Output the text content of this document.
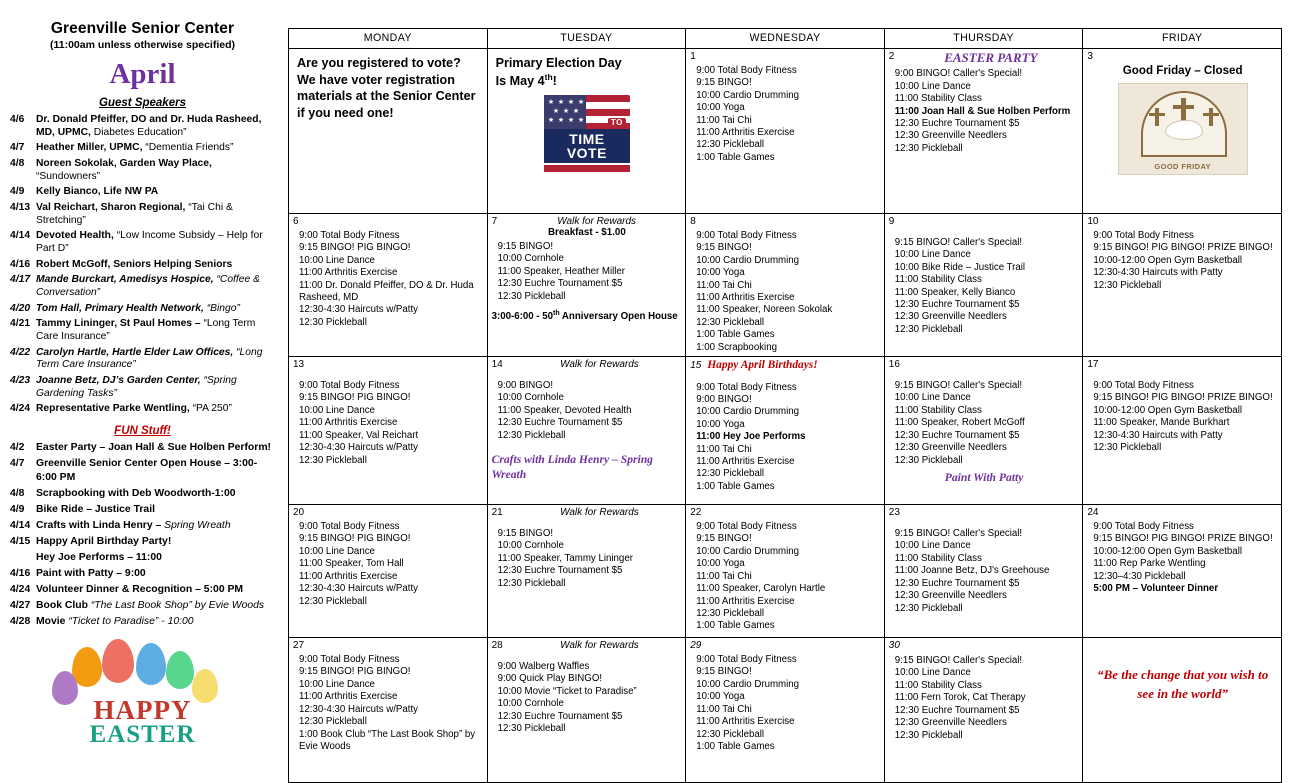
Greenville Senior Center
(11:00am unless otherwise specified)
April
Guest Speakers
4/6	Dr. Donald Pfeiffer, DO and Dr. Huda Rasheed, MD, UPMC, Diabetes Education”
4/7	Heather Miller, UPMC, “Dementia Friends”
4/8	Noreen Sokolak, Garden Way Place, “Sundowners”
4/9	Kelly Bianco, Life NW PA
4/13 Val Reichart, Sharon Regional, “Tai Chi & Stretching”
4/14 Devoted Health, “Low Income Subsidy – Help for Part D”
4/16 Robert McGoff, Seniors Helping Seniors
4/17 Mande Burckart, Amedisys Hospice, “Coffee & Conversation”
4/20 Tom Hall, Primary Health Network, “Bingo”
4/21 Tammy Lininger, St Paul Homes – “Long Term Care Insurance”
4/22 Carolyn Hartle, Hartle Elder Law Offices, “Long Term Care Insurance”
4/23 Joanne Betz, DJ’s Garden Center, “Spring Gardening Tasks”
4/24 Representative Parke Wentling, “PA 250”
FUN Stuff!
4/2	Easter Party – Joan Hall & Sue Holben Perform!
4/7	Greenville Senior Center Open House – 3:00-6:00 PM
4/8	Scrapbooking with Deb Woodworth-1:00
4/9	Bike Ride – Justice Trail
4/14 Crafts with Linda Henry – Spring Wreath
4/15 Happy April Birthday Party!
Hey Joe Performs – 11:00
4/16 Paint with Patty – 9:00
4/24 Volunteer Dinner & Recognition – 5:00 PM
4/27 Book Club “The Last Book Shop” by Evie Woods
4/28 Movie “Ticket to Paradise” - 10:00
HAPPY
EASTER
MONDAY	TUESDAY	WEDNESDAY	THURSDAY	FRIDAY

Are you registered to vote?
We have voter registration materials at the Senior Center if you need one!

Primary Election Day
Is May 4th!
★ ★ ★ ★
★ ★ ★
★ ★ ★ ★
TIME
VOTE
TO

1
9:00 Total Body Fitness
9:15 BINGO!
10:00 Cardio Drumming
10:00 Yoga
11:00 Tai Chi
11:00 Arthritis Exercise
12:30 Pickleball
1:00 Table Games

2	EASTER PARTY
9:00 BINGO! Caller's Special!
10:00 Line Dance
11:00 Stability Class
11:00 Joan Hall & Sue Holben Perform
12:30 Euchre Tournament $5
12:30 Greenville Needlers
12:30 Pickleball

3
Good Friday – Closed
GOOD FRIDAY

6
9:00 Total Body Fitness
9:15 BINGO! PIG BINGO!
10:00 Line Dance
11:00 Arthritis Exercise
11:00 Dr. Donald Pfeiffer, DO & Dr. Huda Rasheed, MD
12:30-4:30 Haircuts w/Patty
12:30 Pickleball

7	Walk for Rewards
Breakfast - $1.00
9:15 BINGO!
10:00 Cornhole
11:00 Speaker, Heather Miller
12:30 Euchre Tournament $5
12:30 Pickleball
3:00-6:00 - 50th Anniversary Open House

8
9:00 Total Body Fitness
9:15 BINGO!
10:00 Cardio Drumming
10:00 Yoga
11:00 Tai Chi
11:00 Arthritis Exercise
11:00 Speaker, Noreen Sokolak
12:30 Pickleball
1:00 Table Games
1:00 Scrapbooking

9
9:15 BINGO! Caller's Special!
10:00 Line Dance
10:00 Bike Ride – Justice Trail
11:00 Stability Class
11:00 Speaker, Kelly Bianco
12:30 Euchre Tournament $5
12:30 Greenville Needlers
12:30 Pickleball

10
9:00 Total Body Fitness
9:15 BINGO! PIG BINGO! PRIZE BINGO!
10:00-12:00 Open Gym Basketball
12:30-4:30 Haircuts with Patty
12:30 Pickleball

13
9:00 Total Body Fitness
9:15 BINGO! PIG BINGO!
10:00 Line Dance
11:00 Arthritis Exercise
11:00 Speaker, Val Reichart
12:30-4:30 Haircuts w/Patty
12:30 Pickleball

14	Walk for Rewards
9:00 BINGO!
10:00 Cornhole
11:00 Speaker, Devoted Health
12:30 Euchre Tournament $5
12:30 Pickleball
Crafts with Linda Henry – Spring Wreath

15 Happy April Birthdays!
9:00 Total Body Fitness
9:00 BINGO!
10:00 Cardio Drumming
10:00 Yoga
11:00 Hey Joe Performs
11:00 Tai Chi
11:00 Arthritis Exercise
12:30 Pickleball
1:00 Table Games

16
9:15 BINGO! Caller's Special!
10:00 Line Dance
11:00 Stability Class
11:00 Speaker, Robert McGoff
12:30 Euchre Tournament $5
12:30 Greenville Needlers
12:30 Pickleball
Paint With Patty

17
9:00 Total Body Fitness
9:15 BINGO! PIG BINGO! PRIZE BINGO!
10:00-12:00 Open Gym Basketball
11:00 Speaker, Mande Burkhart
12:30-4:30 Haircuts with Patty
12:30 Pickleball

20
9:00 Total Body Fitness
9:15 BINGO! PIG BINGO!
10:00 Line Dance
11:00 Speaker, Tom Hall
11:00 Arthritis Exercise
12:30-4:30 Haircuts w/Patty
12:30 Pickleball

21	Walk for Rewards
9:15 BINGO!
10:00 Cornhole
11:00 Speaker, Tammy Lininger
12:30 Euchre Tournament $5
12:30 Pickleball

22
9:00 Total Body Fitness
9:15 BINGO!
10:00 Cardio Drumming
10:00 Yoga
11:00 Tai Chi
11:00 Speaker, Carolyn Hartle
11:00 Arthritis Exercise
12:30 Pickleball
1:00 Table Games

23
9:15 BINGO! Caller's Special!
10:00 Line Dance
11:00 Stability Class
11:00 Joanne Betz, DJ's Greehouse
12:30 Euchre Tournament $5
12:30 Greenville Needlers
12:30 Pickleball

24
9:00 Total Body Fitness
9:15 BINGO! PIG BINGO! PRIZE BINGO!
10:00-12:00 Open Gym Basketball
11:00 Rep Parke Wentling
12:30–4:30 Pickleball
5:00 PM – Volunteer Dinner

27
9:00 Total Body Fitness
9:15 BINGO! PIG BINGO!
10:00 Line Dance
11:00 Arthritis Exercise
12:30-4:30 Haircuts w/Patty
12:30 Pickleball
1:00 Book Club “The Last Book Shop” by Evie Woods

28	Walk for Rewards
9:00 Walberg Waffles
9:00 Quick Play BINGO!
10:00 Movie “Ticket to Paradise”
10:00 Cornhole
12:30 Euchre Tournament $5
12:30 Pickleball

29
9:00 Total Body Fitness
9:15 BINGO!
10:00 Cardio Drumming
10:00 Yoga
11:00 Tai Chi
11:00 Arthritis Exercise
12:30 Pickleball
1:00 Table Games

30
9:15 BINGO! Caller's Special!
10:00 Line Dance
11:00 Stability Class
11:00 Fern Torok, Cat Therapy
12:30 Euchre Tournament $5
12:30 Greenville Needlers
12:30 Pickleball

“Be the change that you wish to see in the world”
